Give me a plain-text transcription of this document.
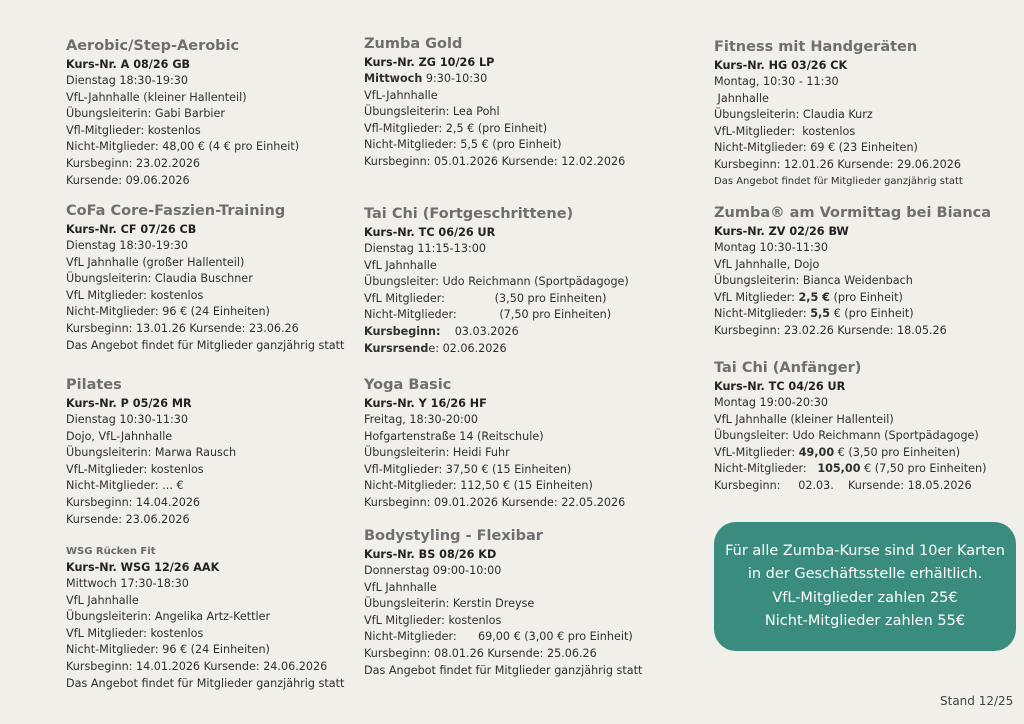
Aerobic/Step-Aerobic
Kurs-Nr. A 08/26 GB
Dienstag 18:30-19:30
VfL-Jahnhalle (kleiner Hallenteil)
Übungsleiterin: Gabi Barbier
Vfl-Mitglieder: kostenlos
Nicht-Mitglieder: 48,00 € (4 € pro Einheit)
Kursbeginn: 23.02.2026
Kursende: 09.06.2026
CoFa Core-Faszien-Training
Kurs-Nr. CF 07/26 CB
Dienstag 18:30-19:30
VfL Jahnhalle (großer Hallenteil)
Übungsleiterin: Claudia Buschner
VfL Mitglieder: kostenlos
Nicht-Mitglieder: 96 € (24 Einheiten)
Kursbeginn: 13.01.26 Kursende: 23.06.26
Das Angebot findet für Mitglieder ganzjährig statt
Pilates
Kurs-Nr. P 05/26 MR
Dienstag 10:30-11:30
Dojo, VfL-Jahnhalle
Übungsleiterin: Marwa Rausch
VfL-Mitglieder: kostenlos
Nicht-Mitglieder: ... €
Kursbeginn: 14.04.2026
Kursende: 23.06.2026
WSG Rücken Fit
Kurs-Nr. WSG 12/26 AAK
Mittwoch 17:30-18:30
VfL Jahnhalle
Übungsleiterin: Angelika Artz-Kettler
VfL Mitglieder: kostenlos
Nicht-Mitglieder: 96 € (24 Einheiten)
Kursbeginn: 14.01.2026 Kursende: 24.06.2026
Das Angebot findet für Mitglieder ganzjährig statt
Zumba Gold
Kurs-Nr. ZG 10/26 LP
Mittwoch 9:30-10:30
VfL-Jahnhalle
Übungsleiterin: Lea Pohl
Vfl-Mitglieder: 2,5 € (pro Einheit)
Nicht-Mitglieder: 5,5 € (pro Einheit)
Kursbeginn: 05.01.2026 Kursende: 12.02.2026
Tai Chi (Fortgeschrittene)
Kurs-Nr. TC 06/26 UR
Dienstag 11:15-13:00
VfL Jahnhalle
Übungsleiter: Udo Reichmann (Sportpädagoge)
VfL Mitglieder:              (3,50 pro Einheiten)
Nicht-Mitglieder:            (7,50 pro Einheiten)
Kursbeginn:    03.03.2026
Kursrsende: 02.06.2026
Yoga Basic
Kurs-Nr. Y 16/26 HF
Freitag, 18:30-20:00
Hofgartenstraße 14 (Reitschule)
Übungsleiterin: Heidi Fuhr
Vfl-Mitglieder: 37,50 € (15 Einheiten)
Nicht-Mitglieder: 112,50 € (15 Einheiten)
Kursbeginn: 09.01.2026 Kursende: 22.05.2026
Bodystyling - Flexibar
Kurs-Nr. BS 08/26 KD
Donnerstag 09:00-10:00
VfL Jahnhalle
Übungsleiterin: Kerstin Dreyse
VfL Mitglieder: kostenlos
Nicht-Mitglieder:      69,00 € (3,00 € pro Einheit)
Kursbeginn: 08.01.26 Kursende: 25.06.26
Das Angebot findet für Mitglieder ganzjährig statt
Fitness mit Handgeräten
Kurs-Nr. HG 03/26 CK
Montag, 10:30 - 11:30
Jahnhalle
Übungsleiterin: Claudia Kurz
VfL-Mitglieder:  kostenlos
Nicht-Mitglieder: 69 € (23 Einheiten)
Kursbeginn: 12.01.26 Kursende: 29.06.2026
Das Angebot findet für Mitglieder ganzjährig statt
Zumba® am Vormittag bei Bianca
Kurs-Nr. ZV 02/26 BW
Montag 10:30-11:30
VfL Jahnhalle, Dojo
Übungsleiterin: Bianca Weidenbach
VfL Mitglieder: 2,5 € (pro Einheit)
Nicht-Mitglieder: 5,5 € (pro Einheit)
Kursbeginn: 23.02.26 Kursende: 18.05.26
Tai Chi (Anfänger)
Kurs-Nr. TC 04/26 UR
Montag 19:00-20:30
VfL Jahnhalle (kleiner Hallenteil)
Übungsleiter: Udo Reichmann (Sportpädagoge)
VfL-Mitglieder: 49,00 € (3,50 pro Einheiten)
Nicht-Mitglieder:   105,00 € (7,50 pro Einheiten)
Kursbeginn:     02.03.    Kursende: 18.05.2026
Für alle Zumba-Kurse sind 10er Karten
in der Geschäftsstelle erhältlich.
VfL-Mitglieder zahlen 25€
Nicht-Mitglieder zahlen 55€
Stand 12/25
